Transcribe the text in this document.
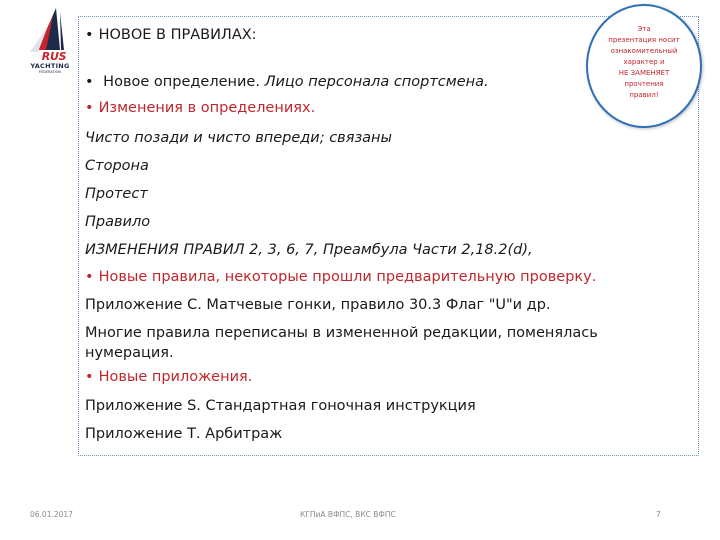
RUS
YACHTING
FEDERATION

• НОВОЕ В ПРАВИЛАХ:

• Новое определение. Лицо персонала спортсмена.

• Изменения в определениях.

Чисто позади и чисто впереди; связаны

Сторона

Протест

Правило

ИЗМЕНЕНИЯ ПРАВИЛ 2, 3, 6, 7, Преамбула Части 2,18.2(d),

• Новые правила, некоторые прошли предварительную проверку.

Приложение С. Матчевые гонки, правило 30.3 Флаг "U"и др.

Многие правила переписаны в измененной редакции, поменялась нумерация.

• Новые приложения.

Приложение S. Стандартная гоночная инструкция

Приложение Т. Арбитраж

Эта
презентация носит
ознакомительный
характер и
НЕ ЗАМЕНЯЕТ
прочтения
правил!
06.01.2017	КГПиА ВФПС, ВКС ВФПС	7
